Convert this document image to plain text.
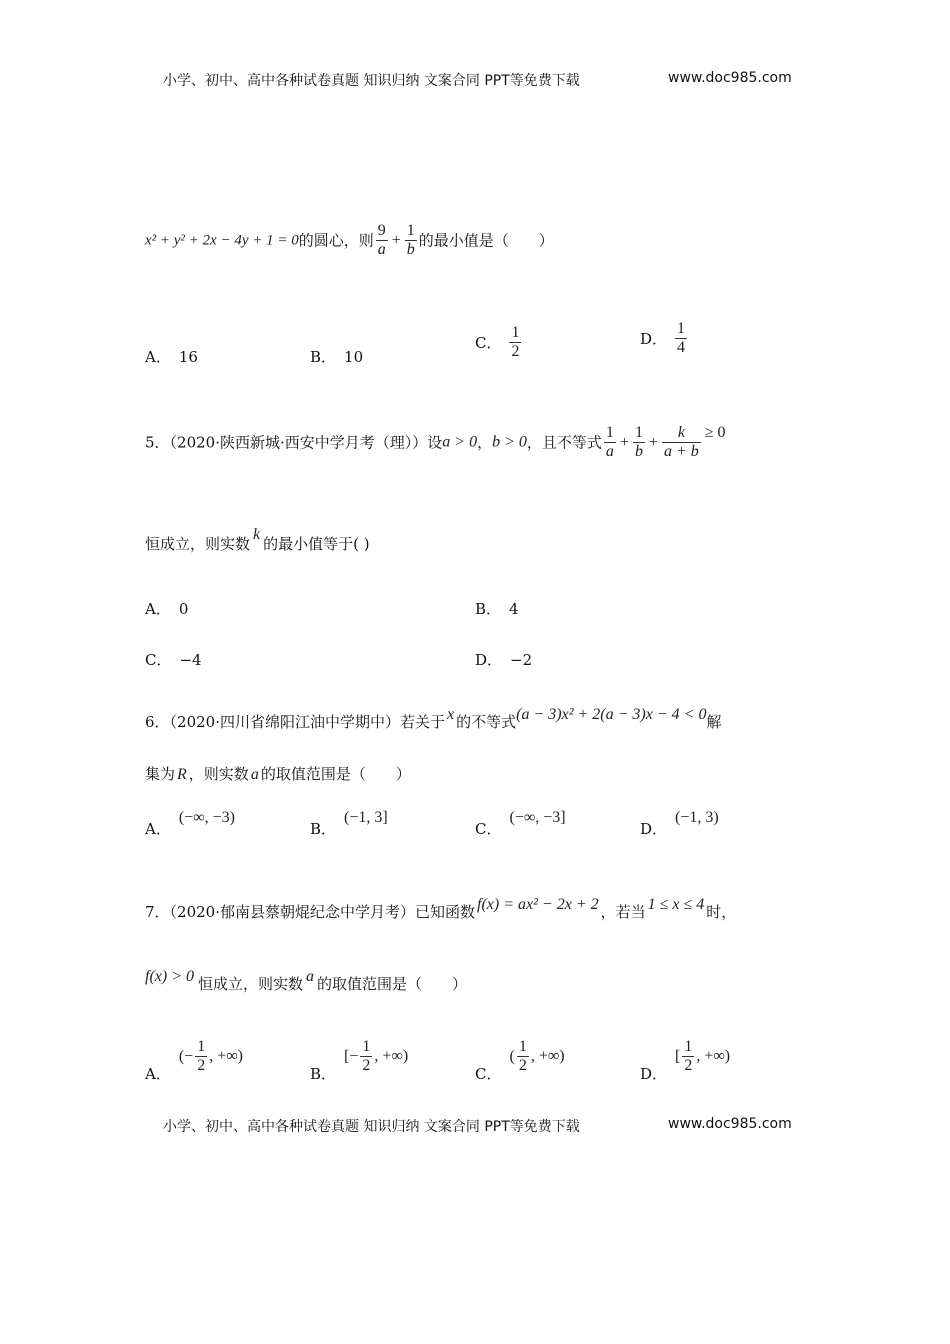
小学、初中、高中各种试卷真题 知识归纳 文案合同 PPT等免费下载	www.doc985.com
x² + y² + 2x − 4y + 1 = 0的圆心，则 $\frac{9}{a} + \frac{1}{b}$ 的最小值是（　　）
A． 16	B． 10
C． $\frac{1}{2}$	D． $\frac{1}{4}$
5．（2020·陕西新城·西安中学月考（理））设a > 0，b > 0，且不等式 $\frac{1}{a} + \frac{1}{b} + \frac{k}{a + b} \ge 0$
恒成立，则实数k的最小值等于( )
A． 0	B． 4
C． −4	D． −2
6．（2020·四川省绵阳江油中学期中）若关于 x 的不等式(a − 3)x² + 2(a − 3)x − 4 < 0解
集为 R ，则实数 a 的取值范围是（　　）
A．(−∞, −3)
B．(−1, 3]
C．(−∞, −3]
D．(−1, 3)
7．（2020·郁南县蔡朝焜纪念中学月考）已知函数 f(x) = ax² − 2x + 2 ，若当 1 ≤ x ≤ 4 时，
f(x) > 0 恒成立，则实数 a 的取值范围是（　　）
A．(− $\frac{1}{2}$ , +∞)
B．[− $\frac{1}{2}$ , +∞)
C．( $\frac{1}{2}$ , +∞)
D．[ $\frac{1}{2}$ , +∞)
小学、初中、高中各种试卷真题 知识归纳 文案合同 PPT等免费下载	www.doc985.com
